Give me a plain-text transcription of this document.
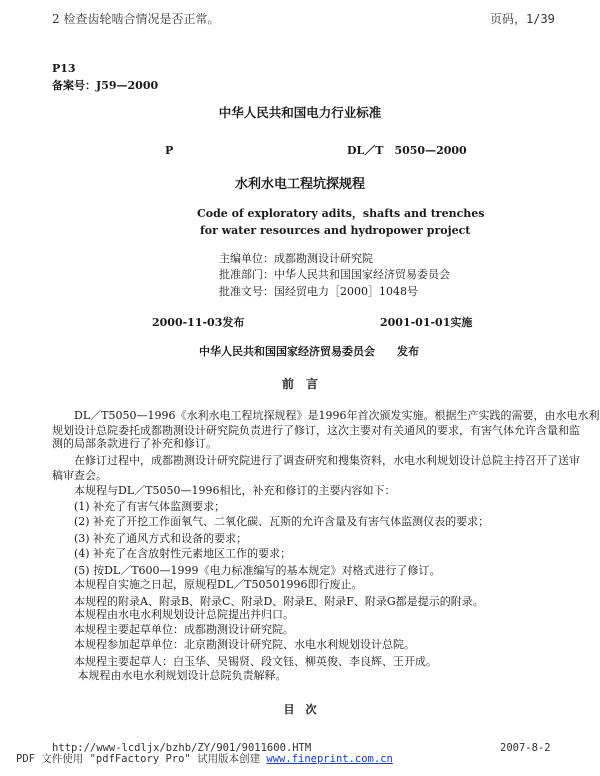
2 检查齿轮啮合情况是否正常。	页码，1/39
P13
备案号：J59—2000
中华人民共和国电力行业标准
P	DL／T　5050—2000
水利水电工程坑探规程
Code of exploratory adits，shafts and trenches
for water resources and hydropower project
主编单位：成都勘测设计研究院
批准部门：中华人民共和国国家经济贸易委员会
批准文号：国经贸电力［2000］1048号
2000-11-03发布	2001-01-01实施
中华人民共和国国家经济贸易委员会　　发布
前　言
　　DL／T5050—1996《水利水电工程坑探规程》是1996年首次颁发实施。根据生产实践的需要，由水电水利
规划设计总院委托成都勘测设计研究院负责进行了修订，这次主要对有关通风的要求，有害气体允许含量和监
测的局部条款进行了补充和修订。
　　在修订过程中，成都勘测设计研究院进行了调查研究和搜集资料，水电水利规划设计总院主持召开了送审
稿审查会。
　　本规程与DL／T5050—1996相比，补充和修订的主要内容如下：
　　(1) 补充了有害气体监测要求；
　　(2) 补充了开挖工作面氧气、二氧化碳、瓦斯的允许含量及有害气体监测仪表的要求；
　　(3) 补充了通风方式和设备的要求；
　　(4) 补充了在含放射性元素地区工作的要求；
　　(5) 按DL／T600—1999《电力标准编写的基本规定》对格式进行了修订。
　　本规程自实施之日起，原规程DL／T50501996即行废止。
　　本规程的附录A、附录B、附录C、附录D、附录E、附录F、附录G都是提示的附录。
　　本规程由水电水利规划设计总院提出并归口。
　　本规程主要起草单位：成都勘测设计研究院。
　　本规程参加起草单位：北京勘测设计研究院、水电水利规划设计总院。
　　本规程主要起草人：白玉华、吴锡贤、段文钰、柳英俊、李良辉、王开成。
　　 本规程由水电水利规划设计总院负责解释。
目　次
http://www-lcdljx/bzhb/ZY/901/9011600.HTM	2007-8-2
PDF 文件使用 "pdfFactory Pro" 试用版本创建 www.fineprint.com.cn
